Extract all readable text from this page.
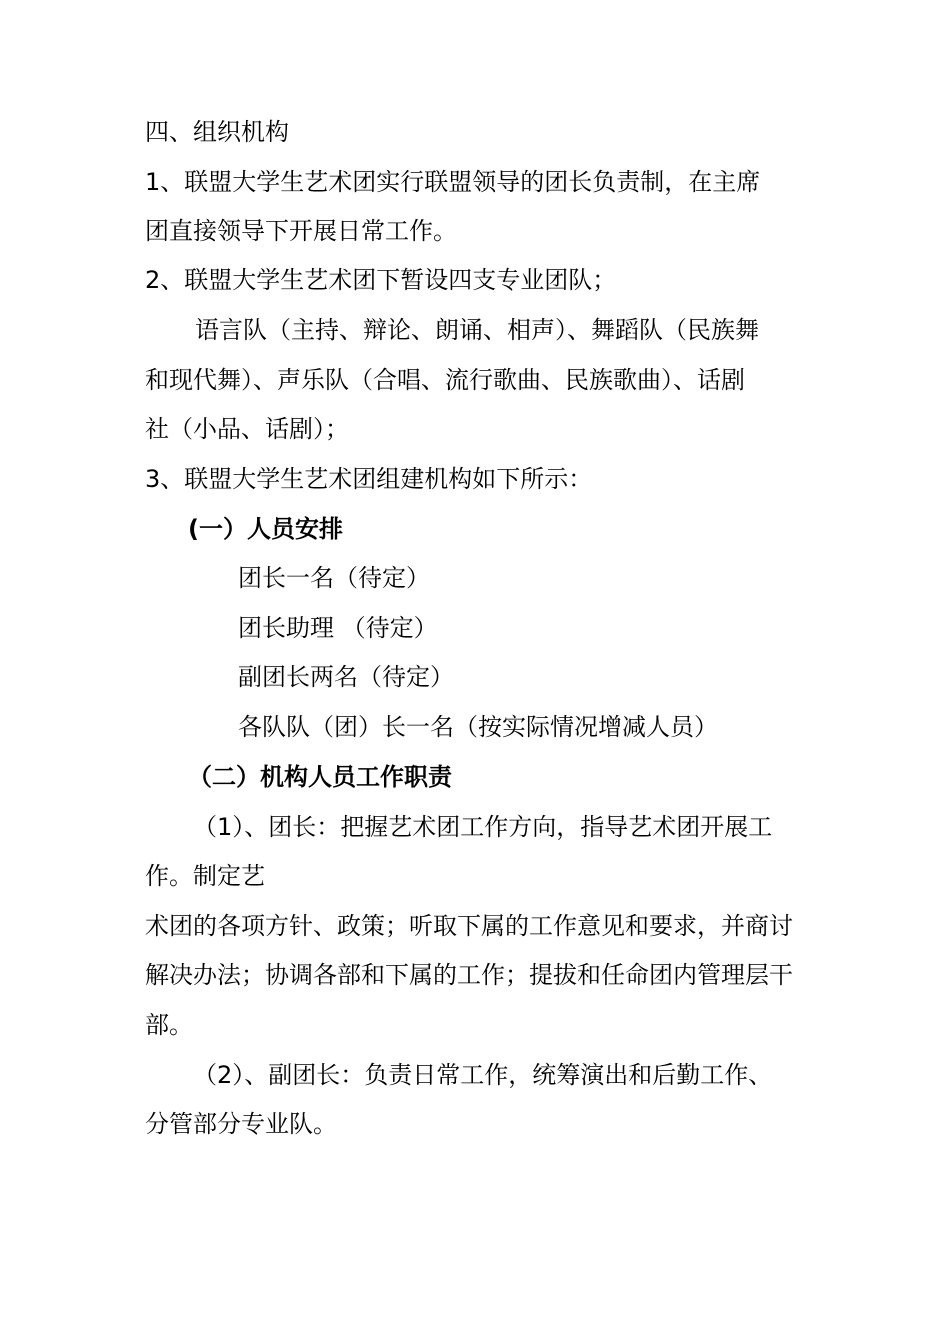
四、组织机构
1、联盟大学生艺术团实行联盟领导的团长负责制，在主席
团直接领导下开展日常工作。
2、联盟大学生艺术团下暂设四支专业团队；
语言队（主持、辩论、朗诵、相声）、舞蹈队（民族舞
和现代舞）、声乐队（合唱、流行歌曲、民族歌曲）、话剧
社（小品、话剧）；
3、联盟大学生艺术团组建机构如下所示：
(一）人员安排
团长一名（待定）
团长助理 （待定）
副团长两名（待定）
各队队（团）长一名（按实际情况增减人员）
（二）机构人员工作职责
（1）、团长：把握艺术团工作方向，指导艺术团开展工
作。制定艺
术团的各项方针、政策；听取下属的工作意见和要求，并商讨
解决办法；协调各部和下属的工作；提拔和任命团内管理层干
部。
（2）、副团长：负责日常工作，统筹演出和后勤工作、
分管部分专业队。
